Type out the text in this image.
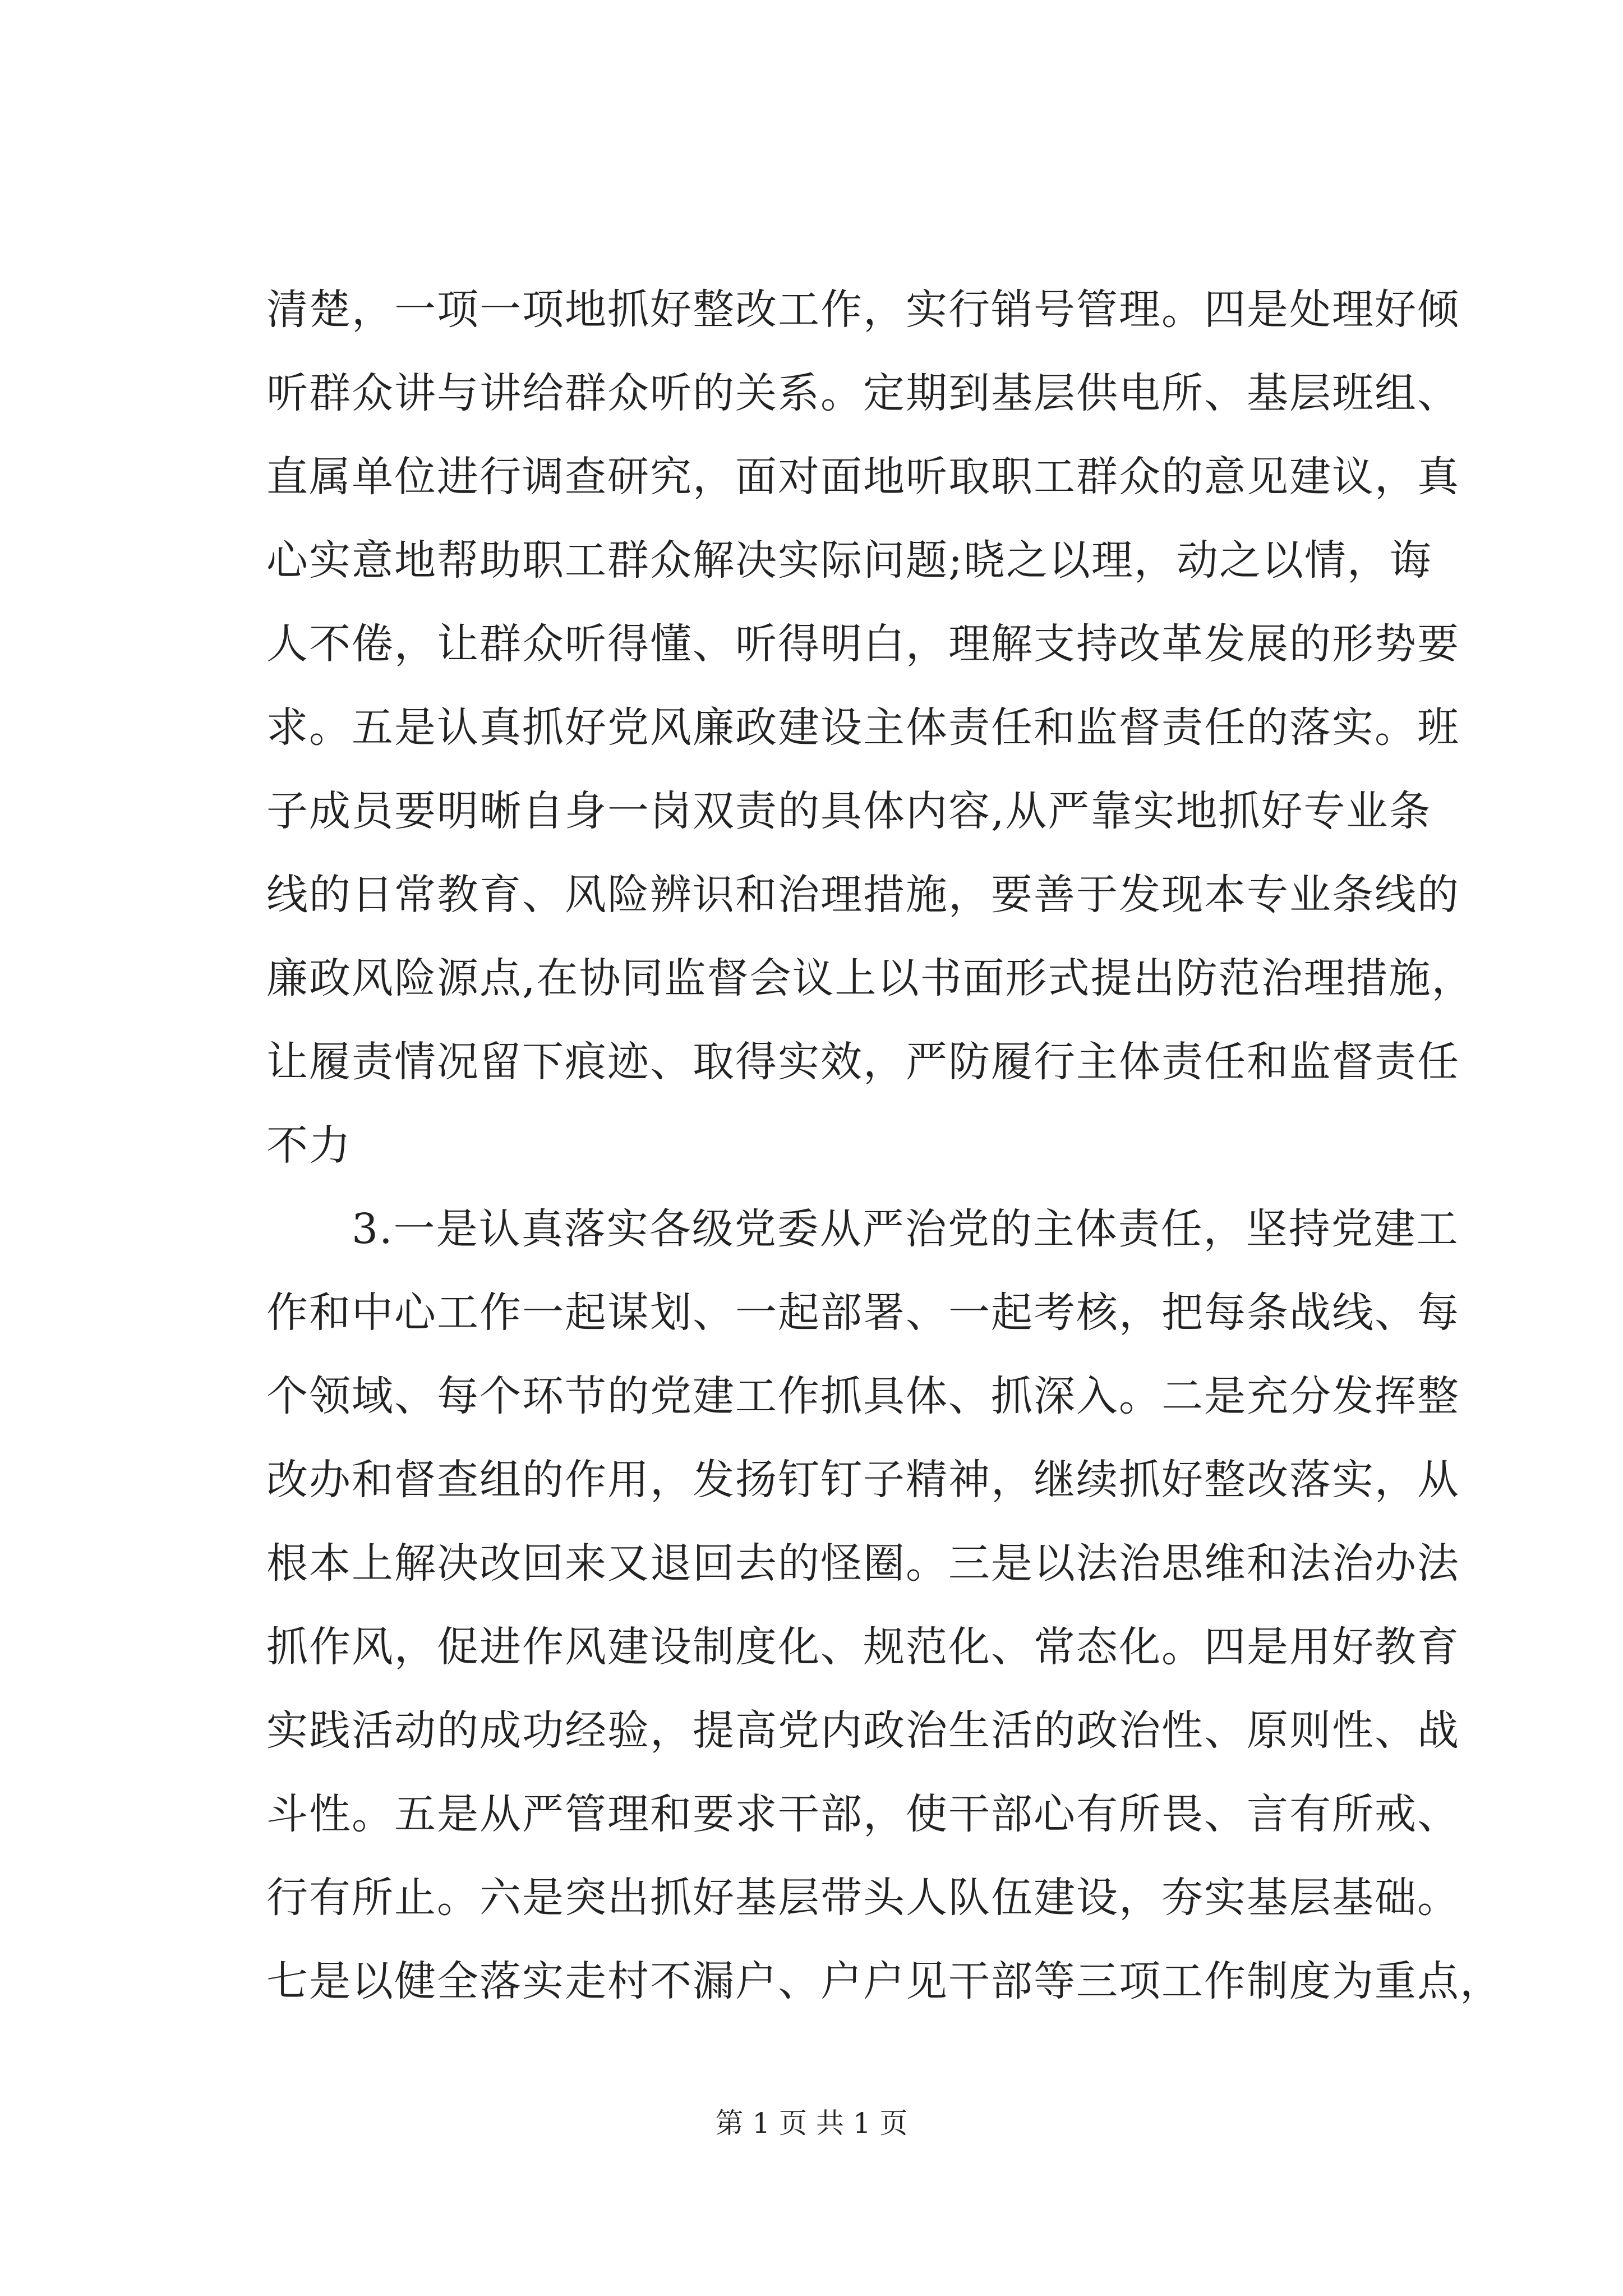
清楚，一项一项地抓好整改工作，实行销号管理。四是处理好倾
听群众讲与讲给群众听的关系。定期到基层供电所、基层班组、
直属单位进行调查研究，面对面地听取职工群众的意见建议，真
心实意地帮助职工群众解决实际问题;晓之以理，动之以情，诲
人不倦，让群众听得懂、听得明白，理解支持改革发展的形势要
求。五是认真抓好党风廉政建设主体责任和监督责任的落实。班
子成员要明晰自身一岗双责的具体内容,从严靠实地抓好专业条
线的日常教育、风险辨识和治理措施，要善于发现本专业条线的
廉政风险源点,在协同监督会议上以书面形式提出防范治理措施，
让履责情况留下痕迹、取得实效，严防履行主体责任和监督责任
不力
　　3.一是认真落实各级党委从严治党的主体责任，坚持党建工
作和中心工作一起谋划、一起部署、一起考核，把每条战线、每
个领域、每个环节的党建工作抓具体、抓深入。二是充分发挥整
改办和督查组的作用，发扬钉钉子精神，继续抓好整改落实，从
根本上解决改回来又退回去的怪圈。三是以法治思维和法治办法
抓作风，促进作风建设制度化、规范化、常态化。四是用好教育
实践活动的成功经验，提高党内政治生活的政治性、原则性、战
斗性。五是从严管理和要求干部，使干部心有所畏、言有所戒、
行有所止。六是突出抓好基层带头人队伍建设，夯实基层基础。
七是以健全落实走村不漏户、户户见干部等三项工作制度为重点，
第 1 页 共 1 页
